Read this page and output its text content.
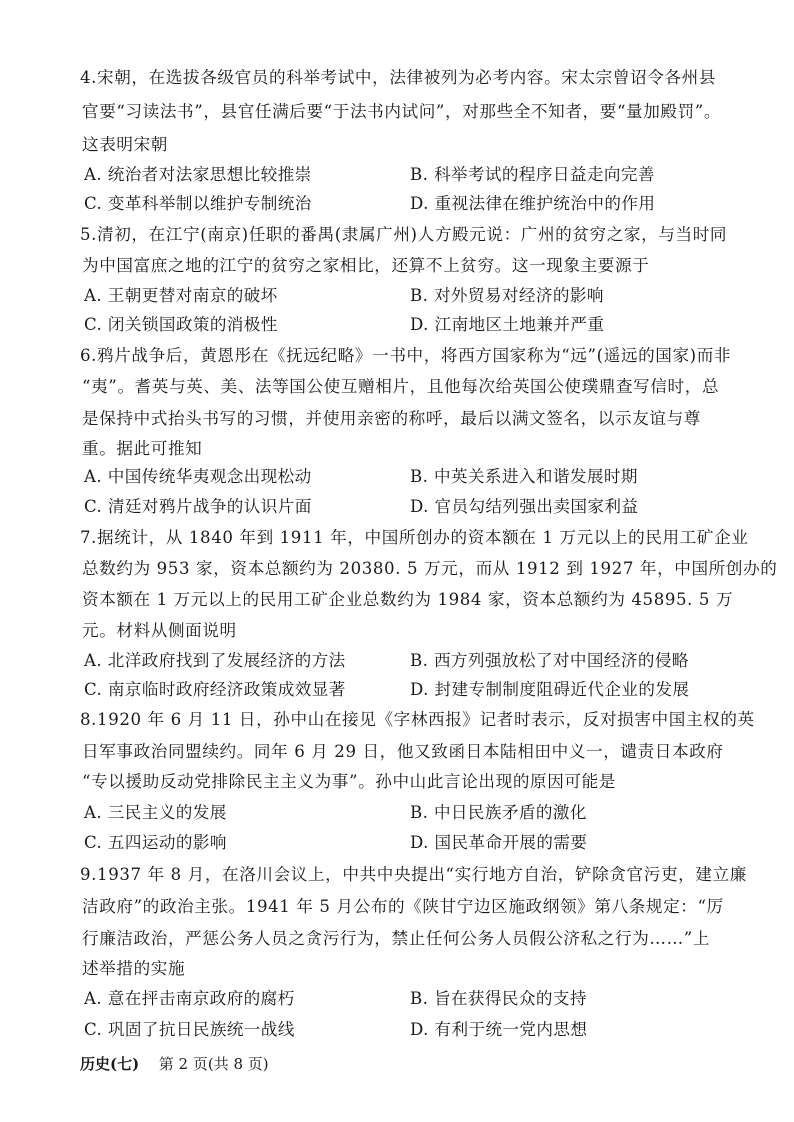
4.宋朝，在选拔各级官员的科举考试中，法律被列为必考内容。宋太宗曾诏令各州县
官要“习读法书”，县官任满后要“于法书内试问”，对那些全不知者，要“量加殿罚”。
这表明宋朝
A. 统治者对法家思想比较推崇	B. 科举考试的程序日益走向完善
C. 变革科举制以维护专制统治	D. 重视法律在维护统治中的作用
5.清初，在江宁(南京)任职的番禺(隶属广州)人方殿元说：广州的贫穷之家，与当时同
为中国富庶之地的江宁的贫穷之家相比，还算不上贫穷。这一现象主要源于
A. 王朝更替对南京的破坏	B. 对外贸易对经济的影响
C. 闭关锁国政策的消极性	D. 江南地区土地兼并严重
6.鸦片战争后，黄恩彤在《抚远纪略》一书中，将西方国家称为“远”(遥远的国家)而非
“夷”。耆英与英、美、法等国公使互赠相片，且他每次给英国公使璞鼎查写信时，总
是保持中式抬头书写的习惯，并使用亲密的称呼，最后以满文签名，以示友谊与尊
重。据此可推知
A. 中国传统华夷观念出现松动	B. 中英关系进入和谐发展时期
C. 清廷对鸦片战争的认识片面	D. 官员勾结列强出卖国家利益
7.据统计，从 1840 年到 1911 年，中国所创办的资本额在 1 万元以上的民用工矿企业
总数约为 953 家，资本总额约为 20380. 5 万元，而从 1912 到 1927 年，中国所创办的
资本额在 1 万元以上的民用工矿企业总数约为 1984 家，资本总额约为 45895. 5 万
元。材料从侧面说明
A. 北洋政府找到了发展经济的方法	B. 西方列强放松了对中国经济的侵略
C. 南京临时政府经济政策成效显著	D. 封建专制制度阻碍近代企业的发展
8.1920 年 6 月 11 日，孙中山在接见《字林西报》记者时表示，反对损害中国主权的英
日军事政治同盟续约。同年 6 月 29 日，他又致函日本陆相田中义一，谴责日本政府
“专以援助反动党排除民主主义为事”。孙中山此言论出现的原因可能是
A. 三民主义的发展	B. 中日民族矛盾的激化
C. 五四运动的影响	D. 国民革命开展的需要
9.1937 年 8 月，在洛川会议上，中共中央提出“实行地方自治，铲除贪官污吏，建立廉
洁政府”的政治主张。1941 年 5 月公布的《陕甘宁边区施政纲领》第八条规定：“厉
行廉洁政治，严惩公务人员之贪污行为，禁止任何公务人员假公济私之行为……”上
述举措的实施
A. 意在抨击南京政府的腐朽	B. 旨在获得民众的支持
C. 巩固了抗日民族统一战线	D. 有利于统一党内思想
历史(七) 第 2 页(共 8 页)
